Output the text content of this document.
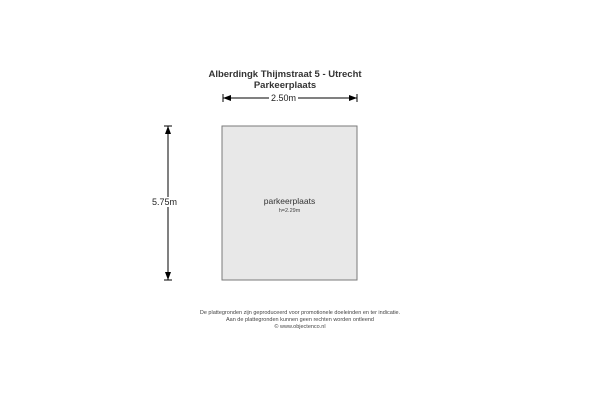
Alberdingk Thijmstraat 5 - Utrecht
Parkeerplaats
2.50m
5.75m	parkeerplaats
h=2.29m
De plattegronden zijn geproduceerd voor promotionele doeleinden en ter indicatie.
Aan de plattegronden kunnen geen rechten worden ontleend
© www.objectenco.nl
